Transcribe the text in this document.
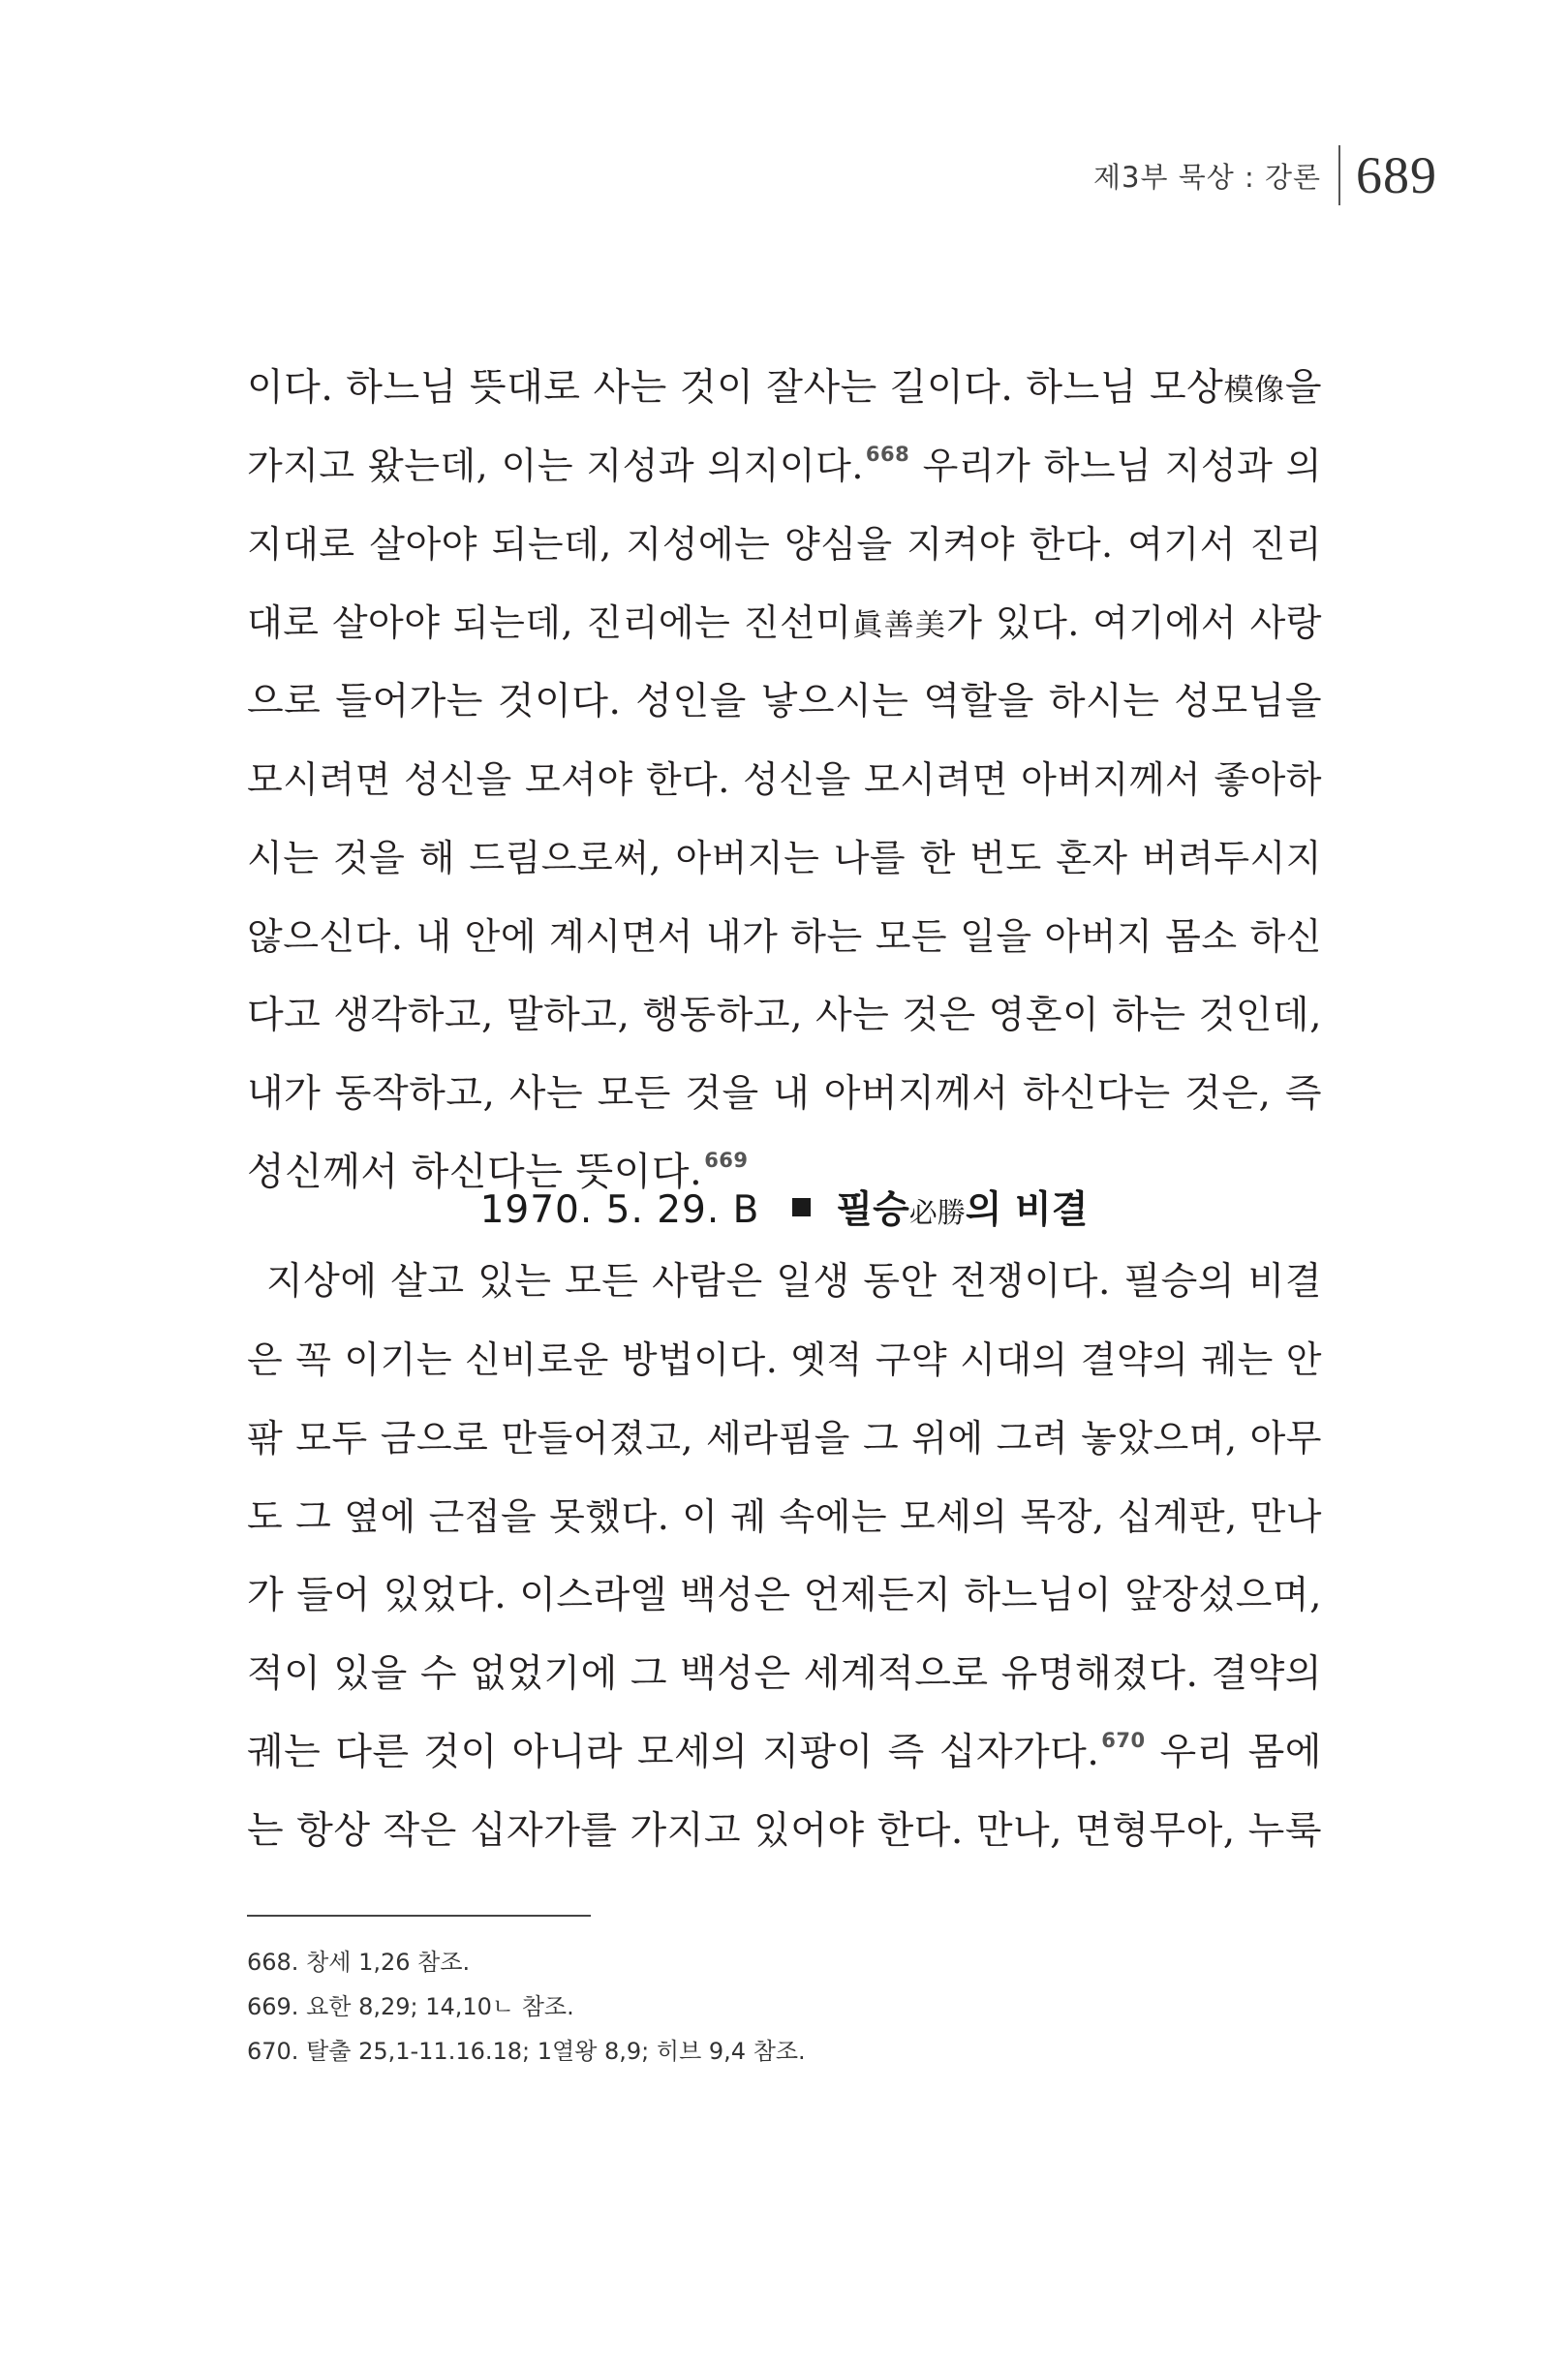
제3부 묵상 : 강론 689
이다. 하느님 뜻대로 사는 것이 잘사는 길이다. 하느님 모상模像을
가지고 왔는데, 이는 지성과 의지이다.$^{668}$ 우리가 하느님 지성과 의
지대로 살아야 되는데, 지성에는 양심을 지켜야 한다. 여기서 진리
대로 살아야 되는데, 진리에는 진선미眞善美가 있다. 여기에서 사랑
으로 들어가는 것이다. 성인을 낳으시는 역할을 하시는 성모님을
모시려면 성신을 모셔야 한다. 성신을 모시려면 아버지께서 좋아하
시는 것을 해 드림으로써, 아버지는 나를 한 번도 혼자 버려두시지
않으신다. 내 안에 계시면서 내가 하는 모든 일을 아버지 몸소 하신
다고 생각하고, 말하고, 행동하고, 사는 것은 영혼이 하는 것인데,
내가 동작하고, 사는 모든 것을 내 아버지께서 하신다는 것은, 즉
성신께서 하신다는 뜻이다.$^{669}$
1970. 5. 29. B 필승必勝의 비결
지상에 살고 있는 모든 사람은 일생 동안 전쟁이다. 필승의 비결
은 꼭 이기는 신비로운 방법이다. 옛적 구약 시대의 결약의 궤는 안
팎 모두 금으로 만들어졌고, 세라핌을 그 위에 그려 놓았으며, 아무
도 그 옆에 근접을 못했다. 이 궤 속에는 모세의 목장, 십계판, 만나
가 들어 있었다. 이스라엘 백성은 언제든지 하느님이 앞장섰으며,
적이 있을 수 없었기에 그 백성은 세계적으로 유명해졌다. 결약의
궤는 다른 것이 아니라 모세의 지팡이 즉 십자가다.$^{670}$ 우리 몸에
는 항상 작은 십자가를 가지고 있어야 한다. 만나, 면형무아, 누룩
668. 창세 1,26 참조.
669. 요한 8,29; 14,10ㄴ 참조.
670. 탈출 25,1-11.16.18; 1열왕 8,9; 히브 9,4 참조.
